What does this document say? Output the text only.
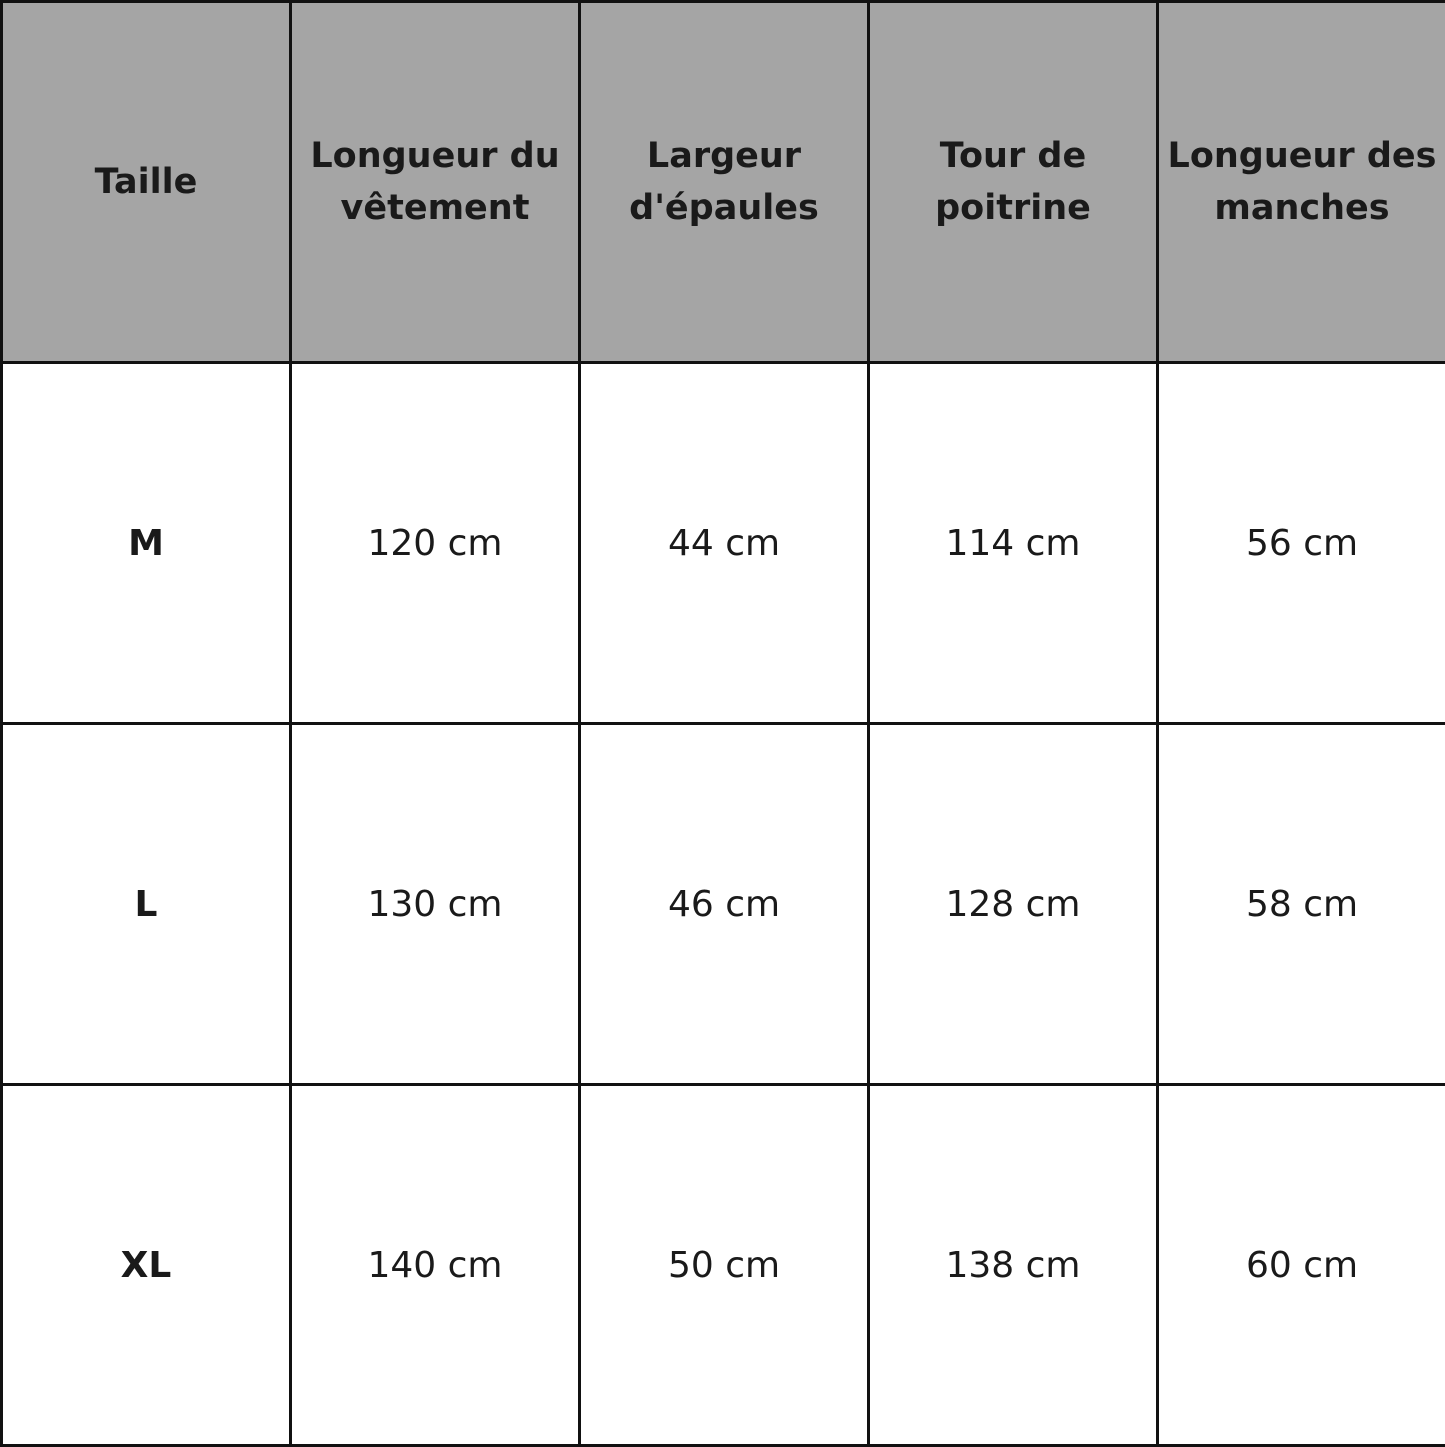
Taille	Longueur du vêtement	Largeur d'épaules	Tour de poitrine	Longueur des manches
M	120 cm	44 cm	114 cm	56 cm
L	130 cm	46 cm	128 cm	58 cm
XL	140 cm	50 cm	138 cm	60 cm
